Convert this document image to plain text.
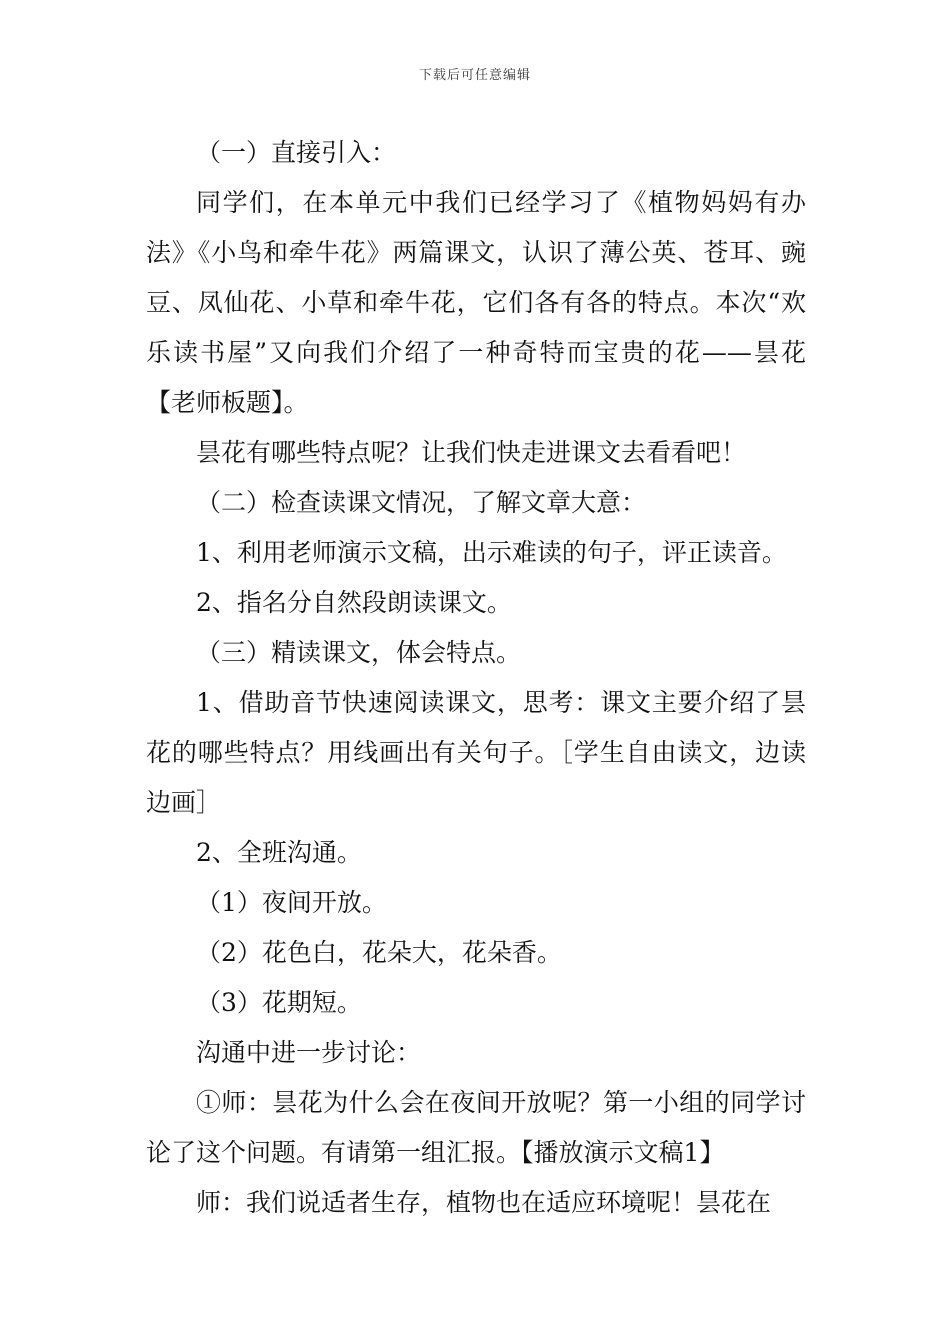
下载后可任意编辑

（一）直接引入：

同学们，在本单元中我们已经学习了《植物妈妈有办法》《小鸟和牵牛花》两篇课文，认识了薄公英、苍耳、豌豆、凤仙花、小草和牵牛花，它们各有各的特点。本次“欢乐读书屋”又向我们介绍了一种奇特而宝贵的花——昙花【老师板题】。

昙花有哪些特点呢？让我们快走进课文去看看吧！

（二）检查读课文情况，了解文章大意：

1、利用老师演示文稿，出示难读的句子，评正读音。

2、指名分自然段朗读课文。

（三）精读课文，体会特点。

1、借助音节快速阅读课文，思考：课文主要介绍了昙花的哪些特点？用线画出有关句子。［学生自由读文，边读边画］

2、全班沟通。

（1）夜间开放。

（2）花色白，花朵大，花朵香。

（3）花期短。

沟通中进一步讨论：

①师：昙花为什么会在夜间开放呢？第一小组的同学讨论了这个问题。有请第一组汇报。【播放演示文稿1】

师：我们说适者生存，植物也在适应环境呢！昙花在
